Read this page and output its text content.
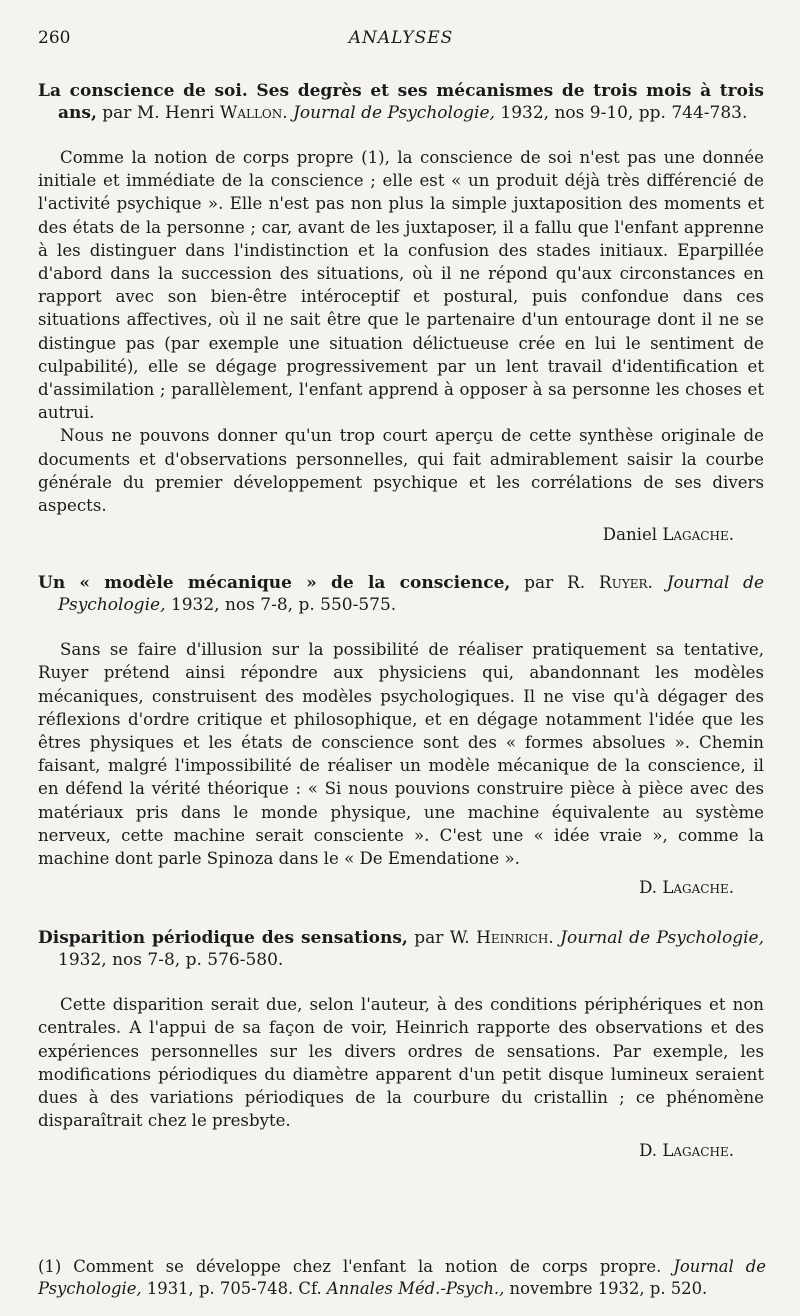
260	ANALYSES

La conscience de soi. Ses degrès et ses mécanismes de trois mois à trois ans, par M. Henri Wallon. Journal de Psychologie, 1932, nos 9-10, pp. 744-783.

Comme la notion de corps propre (1), la conscience de soi n'est pas une donnée initiale et immédiate de la conscience ; elle est « un produit déjà très différencié de l'activité psychique ». Elle n'est pas non plus la simple juxtaposition des moments et des états de la personne ; car, avant de les juxtaposer, il a fallu que l'enfant apprenne à les distinguer dans l'indistinction et la confusion des stades initiaux. Eparpillée d'abord dans la succession des situations, où il ne répond qu'aux circonstances en rapport avec son bien-être intéroceptif et postural, puis confondue dans ces situations affectives, où il ne sait être que le partenaire d'un entourage dont il ne se distingue pas (par exemple une situation délictueuse crée en lui le sentiment de culpabilité), elle se dégage progressivement par un lent travail d'identification et d'assimilation ; parallèlement, l'enfant apprend à opposer à sa personne les choses et autrui.

Nous ne pouvons donner qu'un trop court aperçu de cette synthèse originale de documents et d'observations personnelles, qui fait admirablement saisir la courbe générale du premier développement psychique et les corrélations de ses divers aspects.

Daniel Lagache.

Un « modèle mécanique » de la conscience, par R. Ruyer. Journal de Psychologie, 1932, nos 7-8, p. 550-575.

Sans se faire d'illusion sur la possibilité de réaliser pratiquement sa tentative, Ruyer prétend ainsi répondre aux physiciens qui, abandonnant les modèles mécaniques, construisent des modèles psychologiques. Il ne vise qu'à dégager des réflexions d'ordre critique et philosophique, et en dégage notamment l'idée que les êtres physiques et les états de conscience sont des « formes absolues ». Chemin faisant, malgré l'impossibilité de réaliser un modèle mécanique de la conscience, il en défend la vérité théorique : « Si nous pouvions construire pièce à pièce avec des matériaux pris dans le monde physique, une machine équivalente au système nerveux, cette machine serait consciente ». C'est une « idée vraie », comme la machine dont parle Spinoza dans le « De Emendatione ».

D. Lagache.

Disparition périodique des sensations, par W. Heinrich. Journal de Psychologie, 1932, nos 7-8, p. 576-580.

Cette disparition serait due, selon l'auteur, à des conditions périphériques et non centrales. A l'appui de sa façon de voir, Heinrich rapporte des observations et des expériences personnelles sur les divers ordres de sensations. Par exemple, les modifications périodiques du diamètre apparent d'un petit disque lumineux seraient dues à des variations périodiques de la courbure du cristallin ; ce phénomène disparaîtrait chez le presbyte.

D. Lagache.

(1) Comment se développe chez l'enfant la notion de corps propre. Journal de Psychologie, 1931, p. 705-748. Cf. Annales Méd.-Psych., novembre 1932, p. 520.
